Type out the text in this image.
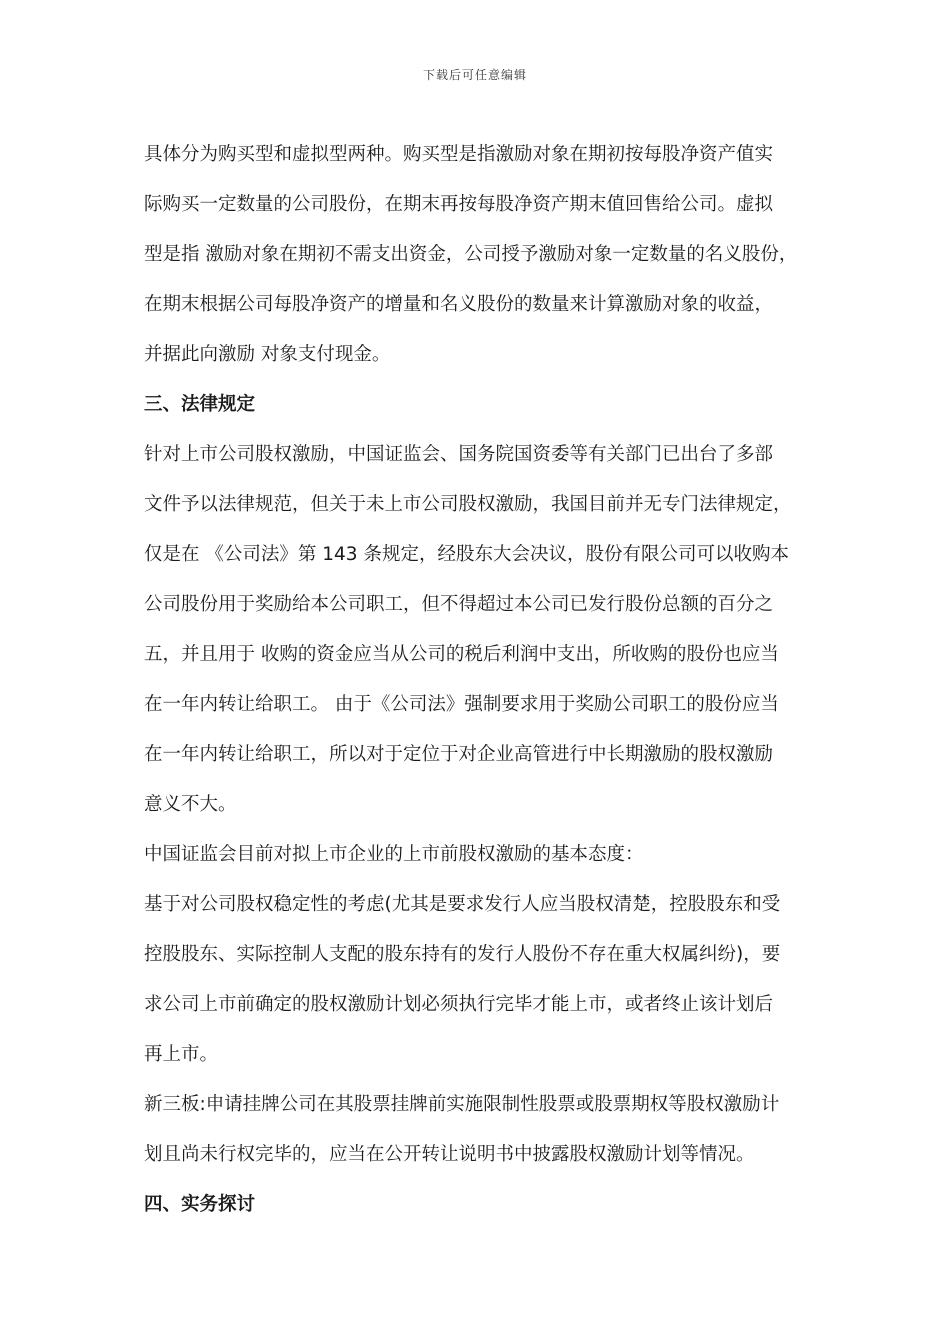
下载后可任意编辑
具体分为购买型和虚拟型两种。购买型是指激励对象在期初按每股净资产值实
际购买一定数量的公司股份，在期末再按每股净资产期末值回售给公司。虚拟
型是指 激励对象在期初不需支出资金，公司授予激励对象一定数量的名义股份，
在期末根据公司每股净资产的增量和名义股份的数量来计算激励对象的收益，
并据此向激励 对象支付现金。
三、法律规定
针对上市公司股权激励，中国证监会、国务院国资委等有关部门已出台了多部
文件予以法律规范，但关于未上市公司股权激励，我国目前并无专门法律规定，
仅是在 《公司法》第 143 条规定，经股东大会决议，股份有限公司可以收购本
公司股份用于奖励给本公司职工，但不得超过本公司已发行股份总额的百分之
五，并且用于 收购的资金应当从公司的税后利润中支出，所收购的股份也应当
在一年内转让给职工。 由于《公司法》强制要求用于奖励公司职工的股份应当
在一年内转让给职工，所以对于定位于对企业高管进行中长期激励的股权激励
意义不大。
中国证监会目前对拟上市企业的上市前股权激励的基本态度：
基于对公司股权稳定性的考虑(尤其是要求发行人应当股权清楚，控股股东和受
控股股东、实际控制人支配的股东持有的发行人股份不存在重大权属纠纷)，要
求公司上市前确定的股权激励计划必须执行完毕才能上市，或者终止该计划后
再上市。
新三板:申请挂牌公司在其股票挂牌前实施限制性股票或股票期权等股权激励计
划且尚未行权完毕的，应当在公开转让说明书中披露股权激励计划等情况。
四、实务探讨
